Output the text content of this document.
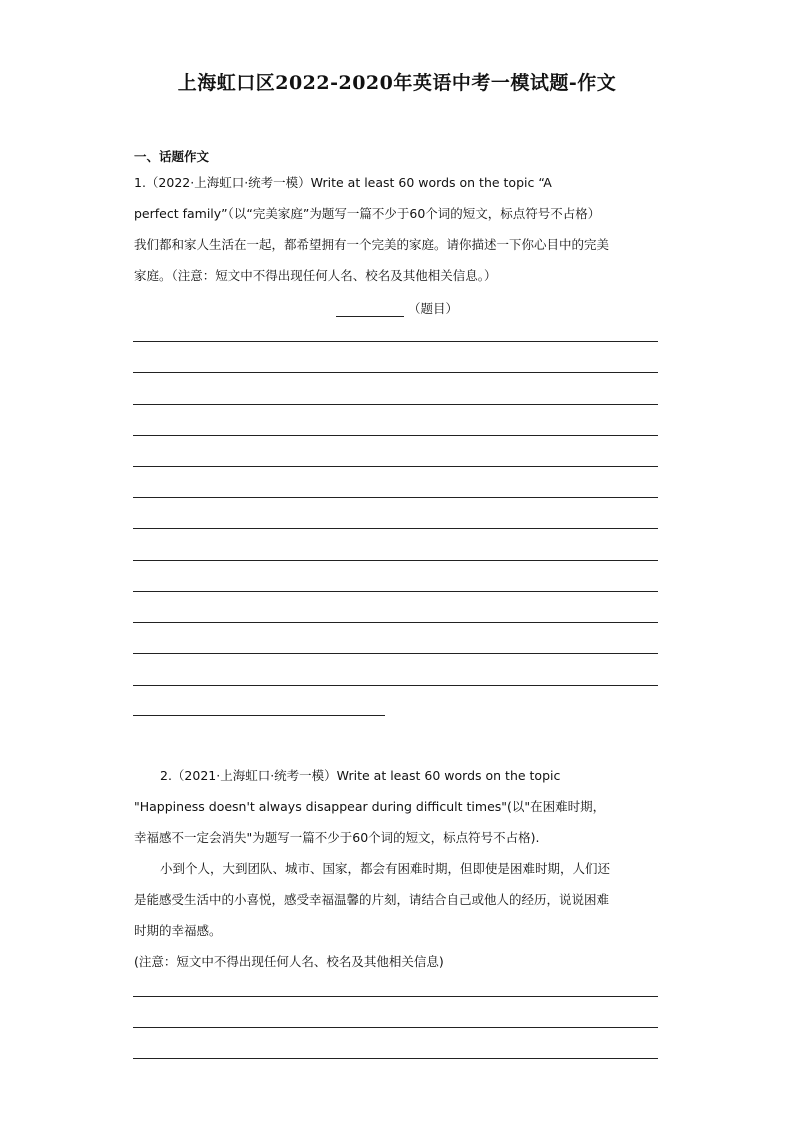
上海虹口区2022-2020年英语中考一模试题-作文
一、话题作文
1.（2022·上海虹口·统考一模）Write at least 60 words on the topic “A
perfect family”（以“完美家庭”为题写一篇不少于60个词的短文，标点符号不占格）
我们都和家人生活在一起，都希望拥有一个完美的家庭。请你描述一下你心目中的完美
家庭。（注意：短文中不得出现任何人名、校名及其他相关信息。）
（题目）
2.（2021·上海虹口·统考一模）Write at least 60 words on the topic
"Happiness doesn't always disappear during difficult times"(以"在困难时期，
幸福感不一定会消失"为题写一篇不少于60个词的短文，标点符号不占格).
小到个人，大到团队、城市、国家，都会有困难时期，但即使是困难时期，人们还
是能感受生活中的小喜悦，感受幸福温馨的片刻，请结合自己或他人的经历，说说困难
时期的幸福感。
(注意：短文中不得出现任何人名、校名及其他相关信息)
